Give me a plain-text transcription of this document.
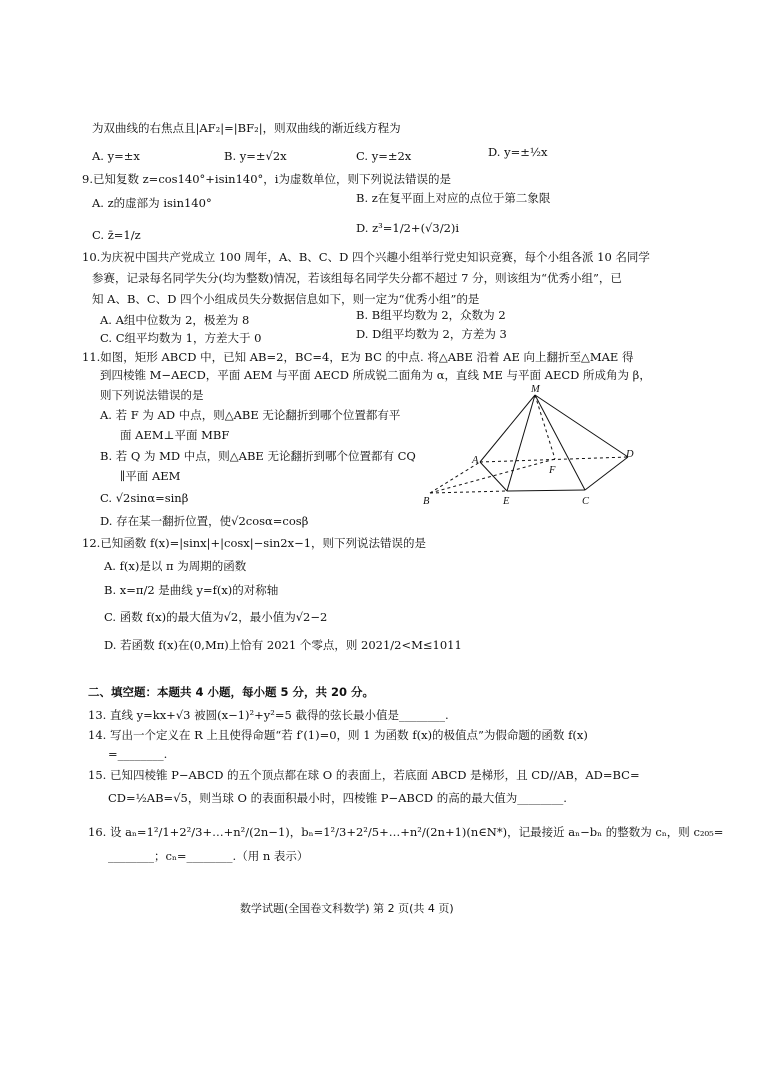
为双曲线的右焦点且|AF₂|=|BF₂|，则双曲线的渐近线方程为
A. y=±x	B. y=±√2x	C. y=±2x	D. y=±½x
9.已知复数 z=cos140°+isin140°，i为虚数单位，则下列说法错误的是
A. z的虚部为 isin140°	B. z在复平面上对应的点位于第二象限
C. z̄=1/z	D. z³=1/2+(√3/2)i
10.为庆祝中国共产党成立 100 周年，A、B、C、D 四个兴趣小组举行党史知识竞赛，每个小组各派 10 名同学
参赛，记录每名同学失分(均为整数)情况，若该组每名同学失分都不超过 7 分，则该组为“优秀小组”，已
知 A、B、C、D 四个小组成员失分数据信息如下，则一定为“优秀小组”的是
A. A组中位数为 2，极差为 8	B. B组平均数为 2，众数为 2
C. C组平均数为 1，方差大于 0	D. D组平均数为 2，方差为 3
11.如图，矩形 ABCD 中，已知 AB=2，BC=4，E为 BC 的中点. 将△ABE 沿着 AE 向上翻折至△MAE 得
到四棱锥 M−AECD，平面 AEM 与平面 AECD 所成锐二面角为 α，直线 ME 与平面 AECD 所成角为 β，
则下列说法错误的是
A. 若 F 为 AD 中点，则△ABE 无论翻折到哪个位置都有平
面 AEM⊥平面 MBF
B. 若 Q 为 MD 中点，则△ABE 无论翻折到哪个位置都有 CQ
∥平面 AEM
C. √2sinα=sinβ
D. 存在某一翻折位置，使√2cosα=cosβ
M
A
D
F
B	E	C
12.已知函数 f(x)=|sinx|+|cosx|−sin2x−1，则下列说法错误的是
A. f(x)是以 π 为周期的函数
B. x=π/2 是曲线 y=f(x)的对称轴
C. 函数 f(x)的最大值为√2，最小值为√2−2
D. 若函数 f(x)在(0,Mπ)上恰有 2021 个零点，则 2021/2<M≤1011
二、填空题：本题共 4 小题，每小题 5 分，共 20 分。
13. 直线 y=kx+√3 被圆(x−1)²+y²=5 截得的弦长最小值是________.
14. 写出一个定义在 R 上且使得命题“若 f′(1)=0，则 1 为函数 f(x)的极值点”为假命题的函数 f(x)
=________.
15. 已知四棱锥 P−ABCD 的五个顶点都在球 O 的表面上，若底面 ABCD 是梯形，且 CD//AB，AD=BC=
CD=½AB=√5，则当球 O 的表面积最小时，四棱锥 P−ABCD 的高的最大值为________.
16. 设 aₙ=1²/1+2²/3+…+n²/(2n−1)，bₙ=1²/3+2²/5+…+n²/(2n+1)(n∈N*)，记最接近 aₙ−bₙ 的整数为 cₙ，则 c₂₀₅=
________；cₙ=________.（用 n 表示）
数学试题(全国卷文科数学) 第 2 页(共 4 页)
